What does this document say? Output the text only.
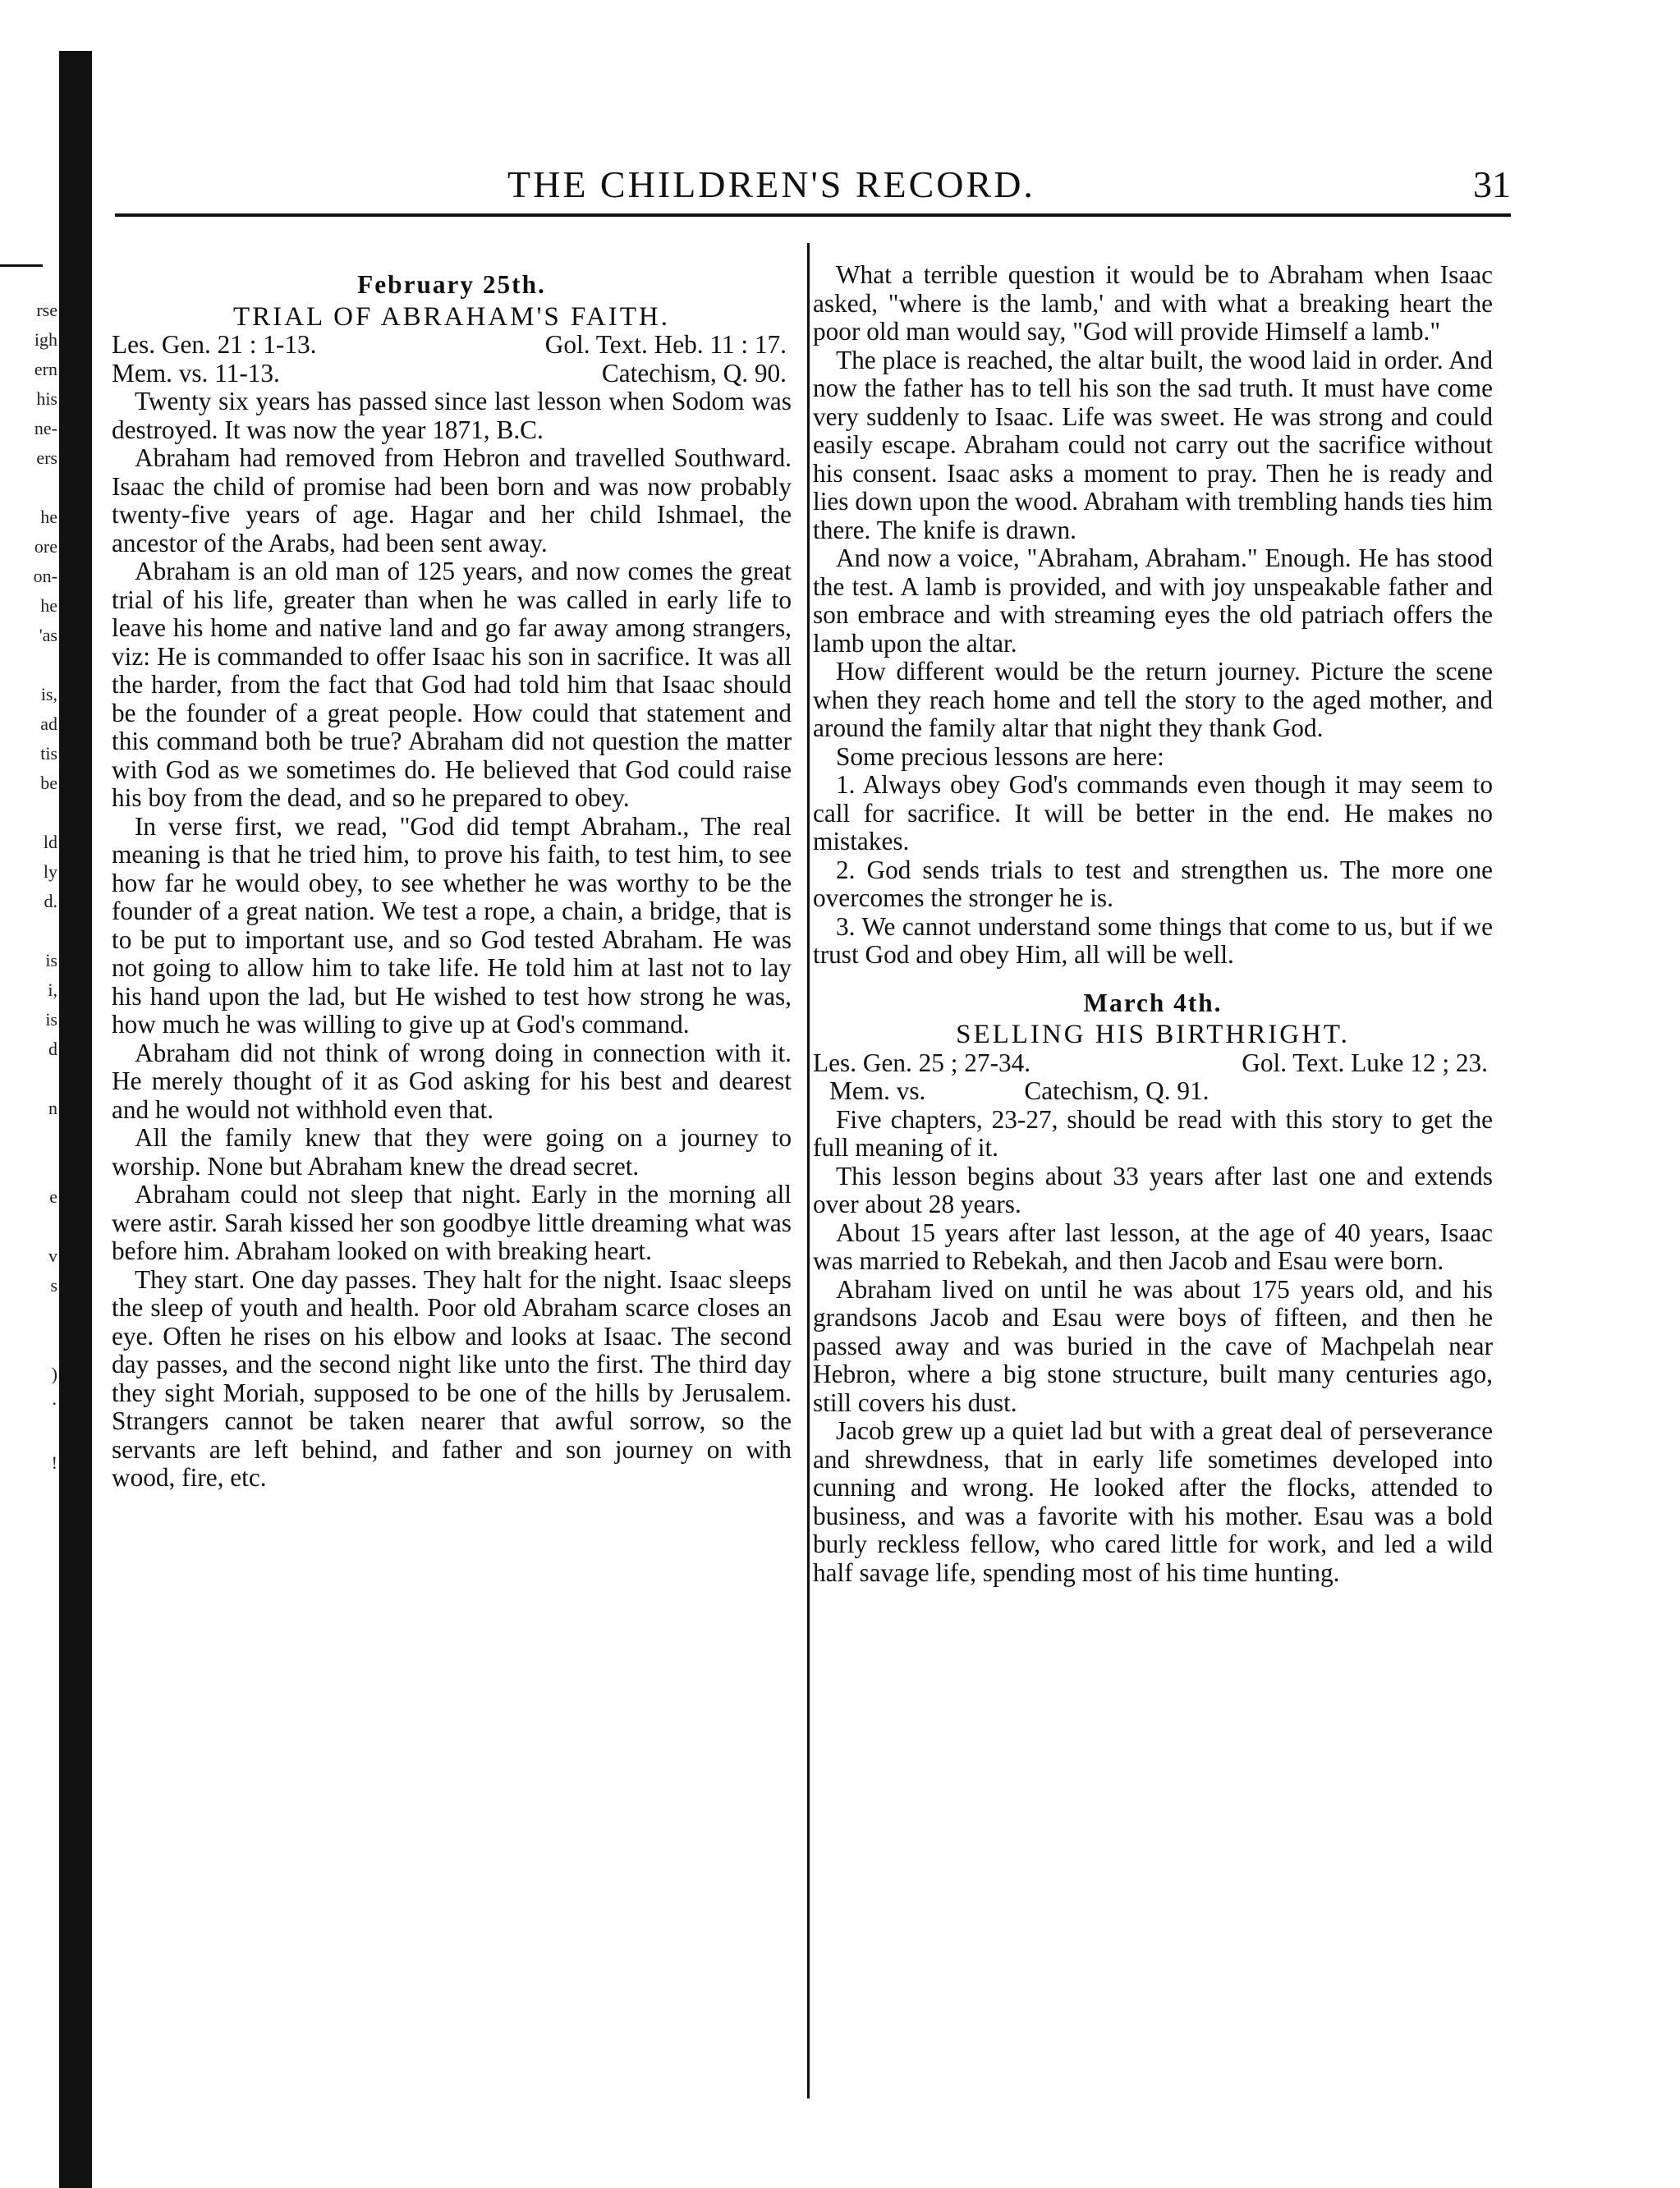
rse
igh
ern
his
ne-
ers
he
ore
on-
he
'as
is,
ad
tis
be
ld
ly
d.
is
i,
is
d
n
e
v
s
)
·
!
THE CHILDREN'S RECORD.	31
February 25th.
TRIAL OF ABRAHAM'S FAITH.
Les. Gen. 21 : 1-13.	Gol. Text. Heb. 11 : 17.
Mem. vs. 11-13.	Catechism, Q. 90.

Twenty six years has passed since last lesson when Sodom was destroyed. It was now the year 1871, B.C.

Abraham had removed from Hebron and travelled Southward. Isaac the child of promise had been born and was now probably twenty-five years of age. Hagar and her child Ishmael, the ancestor of the Arabs, had been sent away.

Abraham is an old man of 125 years, and now comes the great trial of his life, greater than when he was called in early life to leave his home and native land and go far away among strangers, viz: He is commanded to offer Isaac his son in sacrifice. It was all the harder, from the fact that God had told him that Isaac should be the founder of a great people. How could that statement and this command both be true? Abraham did not question the matter with God as we sometimes do. He believed that God could raise his boy from the dead, and so he prepared to obey.

In verse first, we read, "God did tempt Abraham., The real meaning is that he tried him, to prove his faith, to test him, to see how far he would obey, to see whether he was worthy to be the founder of a great nation. We test a rope, a chain, a bridge, that is to be put to important use, and so God tested Abraham. He was not going to allow him to take life. He told him at last not to lay his hand upon the lad, but He wished to test how strong he was, how much he was willing to give up at God's command.

Abraham did not think of wrong doing in connection with it. He merely thought of it as God asking for his best and dearest and he would not withhold even that.

All the family knew that they were going on a journey to worship. None but Abraham knew the dread secret.

Abraham could not sleep that night. Early in the morning all were astir. Sarah kissed her son goodbye little dreaming what was before him. Abraham looked on with breaking heart.

They start. One day passes. They halt for the night. Isaac sleeps the sleep of youth and health. Poor old Abraham scarce closes an eye. Often he rises on his elbow and looks at Isaac. The second day passes, and the second night like unto the first. The third day they sight Moriah, supposed to be one of the hills by Jerusalem. Strangers cannot be taken nearer that awful sorrow, so the servants are left behind, and father and son journey on with wood, fire, etc.

What a terrible question it would be to Abraham when Isaac asked, "where is the lamb,' and with what a breaking heart the poor old man would say, "God will provide Himself a lamb."

The place is reached, the altar built, the wood laid in order. And now the father has to tell his son the sad truth. It must have come very suddenly to Isaac. Life was sweet. He was strong and could easily escape. Abraham could not carry out the sacrifice without his consent. Isaac asks a moment to pray. Then he is ready and lies down upon the wood. Abraham with trembling hands ties him there. The knife is drawn.

And now a voice, "Abraham, Abraham." Enough. He has stood the test. A lamb is provided, and with joy unspeakable father and son embrace and with streaming eyes the old patriach offers the lamb upon the altar.

How different would be the return journey. Picture the scene when they reach home and tell the story to the aged mother, and around the family altar that night they thank God.

Some precious lessons are here:

1. Always obey God's commands even though it may seem to call for sacrifice. It will be better in the end. He makes no mistakes.

2. God sends trials to test and strengthen us. The more one overcomes the stronger he is.

3. We cannot understand some things that come to us, but if we trust God and obey Him, all will be well.

March 4th.
SELLING HIS BIRTHRIGHT.
Les. Gen. 25 ; 27-34.	Gol. Text. Luke 12 ; 23.
Mem. vs.	Catechism, Q. 91.

Five chapters, 23-27, should be read with this story to get the full meaning of it.

This lesson begins about 33 years after last one and extends over about 28 years.

About 15 years after last lesson, at the age of 40 years, Isaac was married to Rebekah, and then Jacob and Esau were born.

Abraham lived on until he was about 175 years old, and his grandsons Jacob and Esau were boys of fifteen, and then he passed away and was buried in the cave of Machpelah near Hebron, where a big stone structure, built many centuries ago, still covers his dust.

Jacob grew up a quiet lad but with a great deal of perseverance and shrewdness, that in early life sometimes developed into cunning and wrong. He looked after the flocks, attended to business, and was a favorite with his mother. Esau was a bold burly reckless fellow, who cared little for work, and led a wild half savage life, spending most of his time hunting.
